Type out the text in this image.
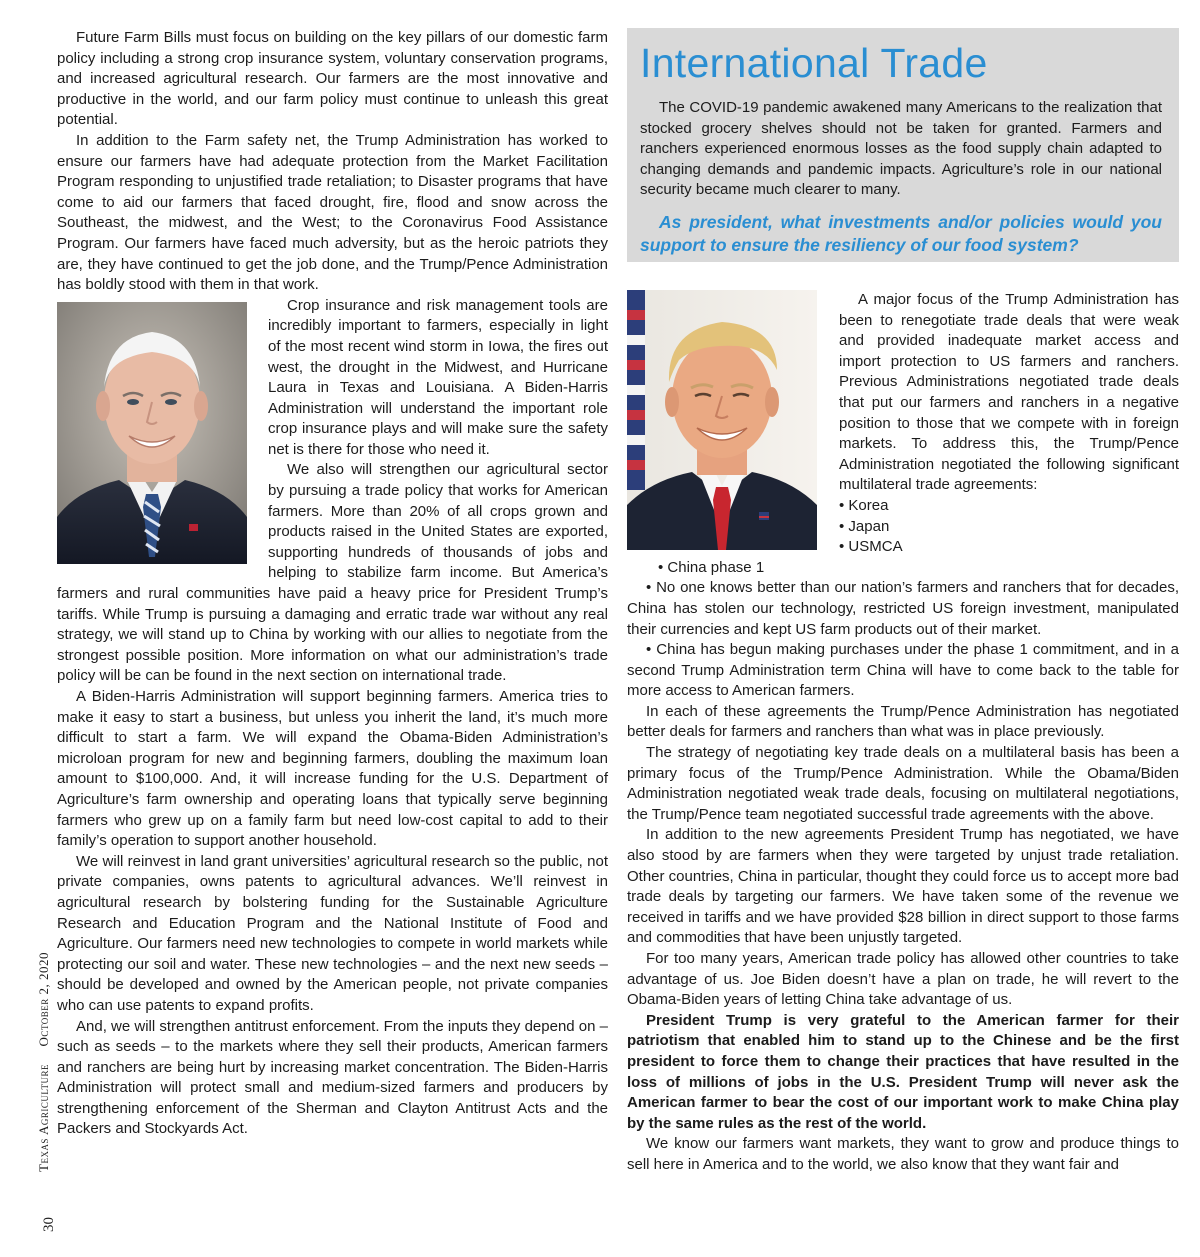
Future Farm Bills must focus on building on the key pillars of our domestic farm policy including a strong crop insurance system, voluntary conservation programs, and increased agricultural research. Our farmers are the most innovative and productive in the world, and our farm policy must continue to unleash this great potential.

In addition to the Farm safety net, the Trump Administration has worked to ensure our farmers have had adequate protection from the Market Facilitation Program responding to unjustified trade retaliation; to Disaster programs that have come to aid our farmers that faced drought, fire, flood and snow across the Southeast, the midwest, and the West; to the Coronavirus Food Assistance Program. Our farmers have faced much adversity, but as the heroic patriots they are, they have continued to get the job done, and the Trump/Pence Administration has boldly stood with them in that work.

Crop insurance and risk management tools are incredibly important to farmers, especially in light of the most recent wind storm in Iowa, the fires out west, the drought in the Midwest, and Hurricane Laura in Texas and Louisiana. A Biden-Harris Administration will understand the important role crop insurance plays and will make sure the safety net is there for those who need it.

We also will strengthen our agricultural sector by pursuing a trade policy that works for American farmers. More than 20% of all crops grown and products raised in the United States are exported, supporting hundreds of thousands of jobs and helping to stabilize farm income. But America’s farmers and rural communities have paid a heavy price for President Trump’s tariffs. While Trump is pursuing a damaging and erratic trade war without any real strategy, we will stand up to China by working with our allies to negotiate from the strongest possible position. More information on what our administration’s trade policy will be can be found in the next section on international trade.

A Biden-Harris Administration will support beginning farmers. America tries to make it easy to start a business, but unless you inherit the land, it’s much more difficult to start a farm. We will expand the Obama-Biden Administration’s microloan program for new and beginning farmers, doubling the maximum loan amount to $100,000. And, it will increase funding for the U.S. Department of Agriculture’s farm ownership and operating loans that typically serve beginning farmers who grew up on a family farm but need low-cost capital to add to their family’s operation to support another household.

We will reinvest in land grant universities’ agricultural research so the public, not private companies, owns patents to agricultural advances. We’ll reinvest in agricultural research by bolstering funding for the Sustainable Agriculture Research and Education Program and the National Institute of Food and Agriculture. Our farmers need new technologies to compete in world markets while protecting our soil and water. These new technologies – and the next new seeds – should be developed and owned by the American people, not private companies who can use patents to expand profits.

And, we will strengthen antitrust enforcement. From the inputs they depend on – such as seeds – to the markets where they sell their products, American farmers and ranchers are being hurt by increasing market concentration. The Biden-Harris Administration will protect small and medium-sized farmers and producers by strengthening enforcement of the Sherman and Clayton Antitrust Acts and the Packers and Stockyards Act.

International Trade

The COVID-19 pandemic awakened many Americans to the realization that stocked grocery shelves should not be taken for granted. Farmers and ranchers experienced enormous losses as the food supply chain adapted to changing demands and pandemic impacts. Agriculture’s role in our national security became much clearer to many.

As president, what investments and/or policies would you support to ensure the resiliency of our food system?

A major focus of the Trump Administration has been to renegotiate trade deals that were weak and provided inadequate market access and import protection to US farmers and ranchers. Previous Administrations negotiated trade deals that put our farmers and ranchers in a negative position to those that we compete with in foreign markets. To address this, the Trump/Pence Administration negotiated the following significant multilateral trade agreements:

• Korea
• Japan
• USMCA
• China phase 1

• No one knows better than our nation’s farmers and ranchers that for decades, China has stolen our technology, restricted US foreign investment, manipulated their currencies and kept US farm products out of their market.

• China has begun making purchases under the phase 1 commitment, and in a second Trump Administration term China will have to come back to the table for more access to American farmers.

In each of these agreements the Trump/Pence Administration has negotiated better deals for farmers and ranchers than what was in place previously.

The strategy of negotiating key trade deals on a multilateral basis has been a primary focus of the Trump/Pence Administration. While the Obama/Biden Administration negotiated weak trade deals, focusing on multilateral negotiations, the Trump/Pence team negotiated successful trade agreements with the above.

In addition to the new agreements President Trump has negotiated, we have also stood by are farmers when they were targeted by unjust trade retaliation. Other countries, China in particular, thought they could force us to accept more bad trade deals by targeting our farmers. We have taken some of the revenue we received in tariffs and we have provided $28 billion in direct support to those farms and commodities that have been unjustly targeted.

For too many years, American trade policy has allowed other countries to take advantage of us. Joe Biden doesn’t have a plan on trade, he will revert to the Obama-Biden years of letting China take advantage of us.

President Trump is very grateful to the American farmer for their patriotism that enabled him to stand up to the Chinese and be the first president to force them to change their practices that have resulted in the loss of millions of jobs in the U.S. President Trump will never ask the American farmer to bear the cost of our important work to make China play by the same rules as the rest of the world.

We know our farmers want markets, they want to grow and produce things to sell here in America and to the world, we also know that they want fair and

Texas Agriculture  October 2, 2020
30
